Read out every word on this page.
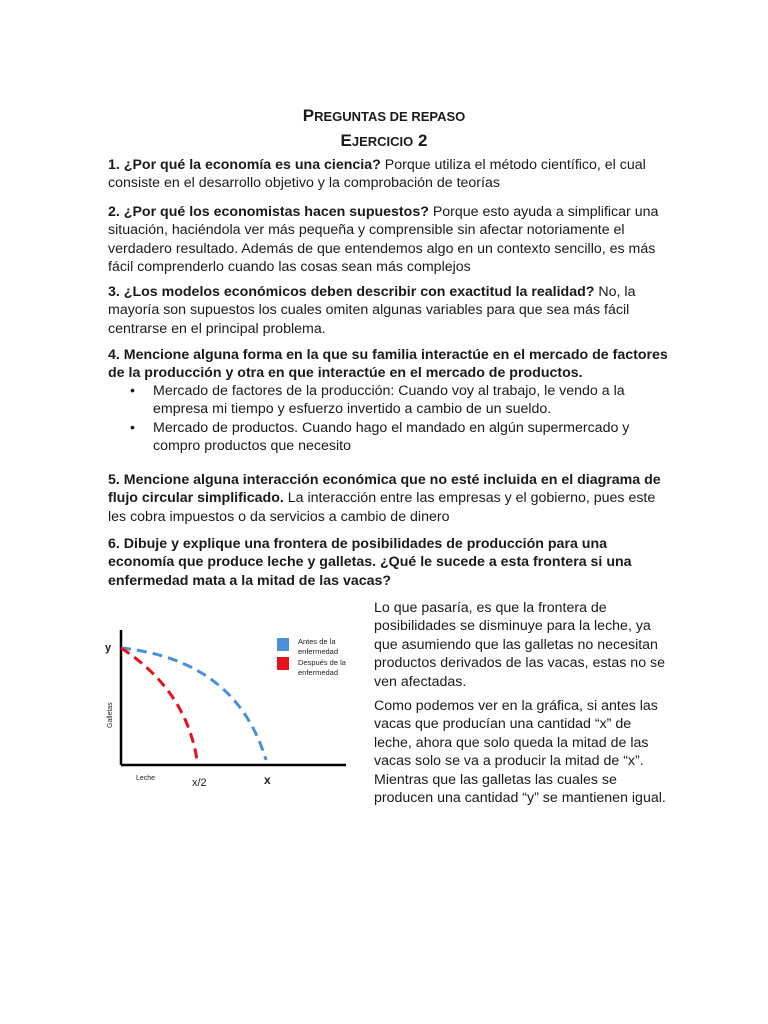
PREGUNTAS DE REPASO
EJERCICIO 2

1. ¿Por qué la economía es una ciencia? Porque utiliza el método científico, el cual consiste en el desarrollo objetivo y la comprobación de teorías

2. ¿Por qué los economistas hacen supuestos? Porque esto ayuda a simplificar una situación, haciéndola ver más pequeña y comprensible sin afectar notoriamente el verdadero resultado. Además de que entendemos algo en un contexto sencillo, es más fácil comprenderlo cuando las cosas sean más complejos

3. ¿Los modelos económicos deben describir con exactitud la realidad? No, la mayoría son supuestos los cuales omiten algunas variables para que sea más fácil centrarse en el principal problema.

4. Mencione alguna forma en la que su familia interactúe en el mercado de factores de la producción y otra en que interactúe en el mercado de productos.

• Mercado de factores de la producción: Cuando voy al trabajo, le vendo a la empresa mi tiempo y esfuerzo invertido a cambio de un sueldo.
• Mercado de productos. Cuando hago el mandado en algún supermercado y compro productos que necesito

5. Mencione alguna interacción económica que no esté incluida en el diagrama de flujo circular simplificado. La interacción entre las empresas y el gobierno, pues este les cobra impuestos o da servicios a cambio de dinero

6. Dibuje y explique una frontera de posibilidades de producción para una economía que produce leche y galletas. ¿Qué le sucede a esta frontera si una enfermedad mata a la mitad de las vacas?

y
Galletas
Leche	x/2	x
Antes de la
enfermedad
Después de la
enfermedad

Lo que pasaría, es que la frontera de posibilidades se disminuye para la leche, ya que asumiendo que las galletas no necesitan productos derivados de las vacas, estas no se ven afectadas.

Como podemos ver en la gráfica, si antes las vacas que producían una cantidad “x” de leche, ahora que solo queda la mitad de las vacas solo se va a producir la mitad de “x”. Mientras que las galletas las cuales se producen una cantidad “y” se mantienen igual.
